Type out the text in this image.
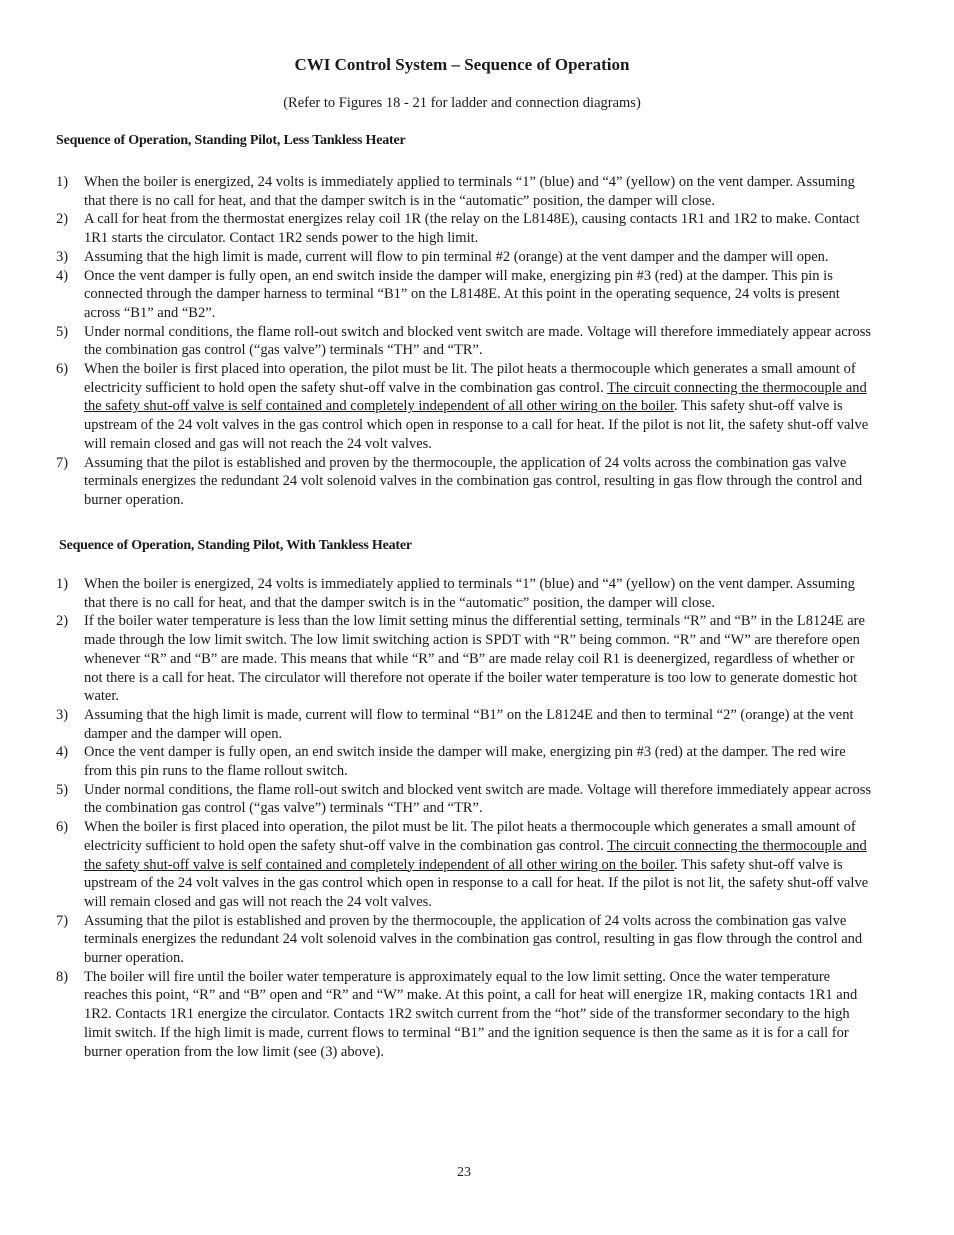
CWI Control System – Sequence of Operation
(Refer to Figures 18 - 21 for ladder and connection diagrams)
Sequence of Operation, Standing Pilot, Less Tankless Heater
1) When the boiler is energized, 24 volts is immediately applied to terminals “1” (blue) and “4” (yellow) on the vent damper. Assuming that there is no call for heat, and that the damper switch is in the “automatic” position, the damper will close.
2) A call for heat from the thermostat energizes relay coil 1R (the relay on the L8148E), causing contacts 1R1 and 1R2 to make. Contact 1R1 starts the circulator. Contact 1R2 sends power to the high limit.
3) Assuming that the high limit is made, current will flow to pin terminal #2 (orange) at the vent damper and the damper will open.
4) Once the vent damper is fully open, an end switch inside the damper will make, energizing pin #3 (red) at the damper. This pin is connected through the damper harness to terminal “B1” on the L8148E. At this point in the operating sequence, 24 volts is present across “B1” and “B2”.
5) Under normal conditions, the flame roll-out switch and blocked vent switch are made. Voltage will therefore immediately appear across the combination gas control (“gas valve”) terminals “TH” and “TR”.
6) When the boiler is first placed into operation, the pilot must be lit. The pilot heats a thermocouple which generates a small amount of electricity sufficient to hold open the safety shut-off valve in the combination gas control. The circuit connecting the thermocouple and the safety shut-off valve is self contained and completely independent of all other wiring on the boiler. This safety shut-off valve is upstream of the 24 volt valves in the gas control which open in response to a call for heat. If the pilot is not lit, the safety shut-off valve will remain closed and gas will not reach the 24 volt valves.
7) Assuming that the pilot is established and proven by the thermocouple, the application of 24 volts across the combination gas valve terminals energizes the redundant 24 volt solenoid valves in the combination gas control, resulting in gas flow through the control and burner operation.
Sequence of Operation, Standing Pilot, With Tankless Heater
1) When the boiler is energized, 24 volts is immediately applied to terminals “1” (blue) and “4” (yellow) on the vent damper. Assuming that there is no call for heat, and that the damper switch is in the “automatic” position, the damper will close.
2) If the boiler water temperature is less than the low limit setting minus the differential setting, terminals “R” and “B” in the L8124E are made through the low limit switch. The low limit switching action is SPDT with “R” being common. “R” and “W” are therefore open whenever “R” and “B” are made. This means that while “R” and “B” are made relay coil R1 is deenergized, regardless of whether or not there is a call for heat. The circulator will therefore not operate if the boiler water temperature is too low to generate domestic hot water.
3) Assuming that the high limit is made, current will flow to terminal “B1” on the L8124E and then to terminal “2” (orange) at the vent damper and the damper will open.
4) Once the vent damper is fully open, an end switch inside the damper will make, energizing pin #3 (red) at the damper. The red wire from this pin runs to the flame rollout switch.
5) Under normal conditions, the flame roll-out switch and blocked vent switch are made. Voltage will therefore immediately appear across the combination gas control (“gas valve”) terminals “TH” and “TR”.
6) When the boiler is first placed into operation, the pilot must be lit. The pilot heats a thermocouple which generates a small amount of electricity sufficient to hold open the safety shut-off valve in the combination gas control. The circuit connecting the thermocouple and the safety shut-off valve is self contained and completely independent of all other wiring on the boiler. This safety shut-off valve is upstream of the 24 volt valves in the gas control which open in response to a call for heat. If the pilot is not lit, the safety shut-off valve will remain closed and gas will not reach the 24 volt valves.
7) Assuming that the pilot is established and proven by the thermocouple, the application of 24 volts across the combination gas valve terminals energizes the redundant 24 volt solenoid valves in the combination gas control, resulting in gas flow through the control and burner operation.
8) The boiler will fire until the boiler water temperature is approximately equal to the low limit setting. Once the water temperature reaches this point, “R” and “B” open and “R” and “W” make. At this point, a call for heat will energize 1R, making contacts 1R1 and 1R2. Contacts 1R1 energize the circulator. Contacts 1R2 switch current from the “hot” side of the transformer secondary to the high limit switch. If the high limit is made, current flows to terminal “B1” and the ignition sequence is then the same as it is for a call for burner operation from the low limit (see (3) above).
23
